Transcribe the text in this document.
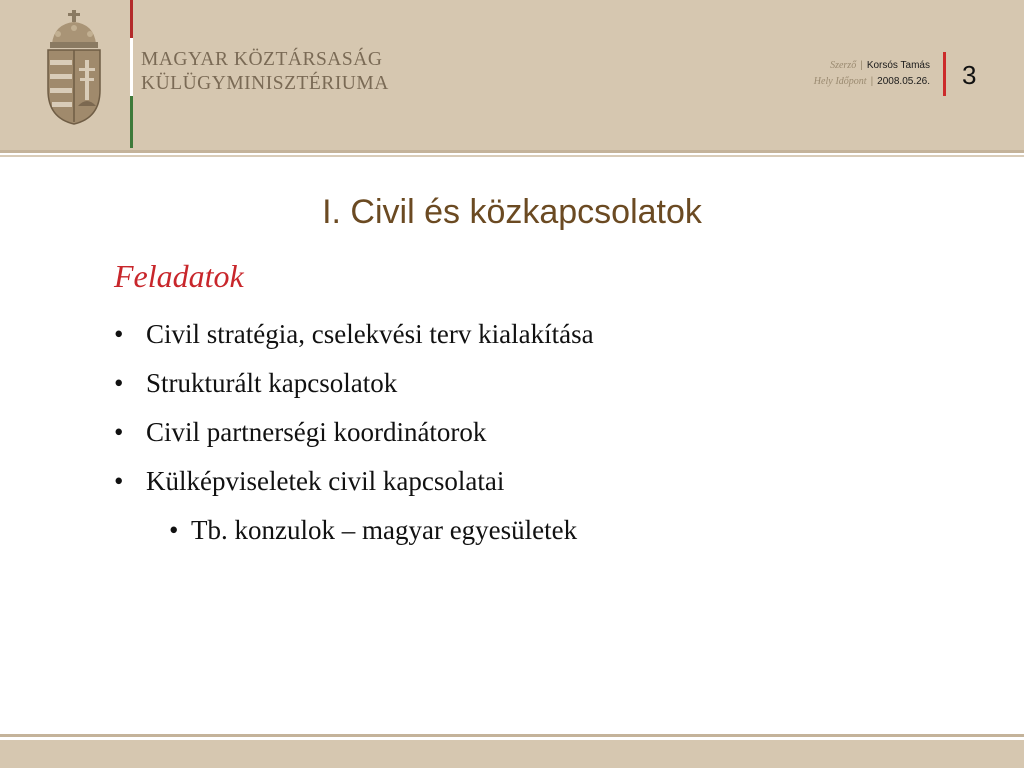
MAGYAR KÖZTÁRSASÁG
KÜLÜGYMINISZTÉRIUMA
Szerző | Korsós Tamás
Hely Időpont | 2008.05.26. 3
I. Civil és közkapcsolatok
Feladatok
• Civil stratégia, cselekvési terv kialakítása
• Strukturált kapcsolatok
• Civil partnerségi koordinátorok
• Külképviseletek civil kapcsolatai
• Tb. konzulok – magyar egyesületek
